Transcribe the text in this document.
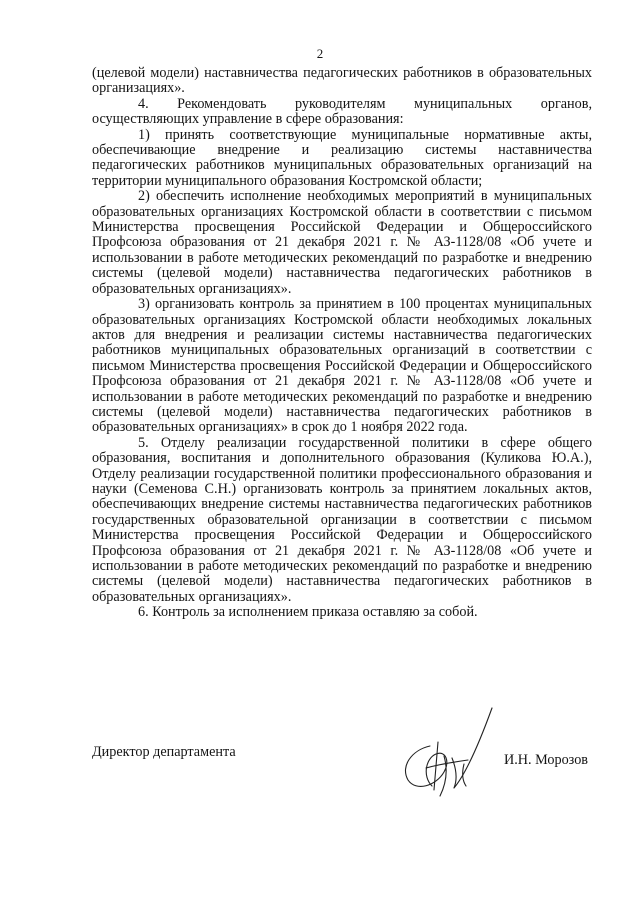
2

(целевой модели) наставничества педагогических работников в образовательных организациях».

4. Рекомендовать руководителям муниципальных органов, осуществляющих управление в сфере образования:

1) принять соответствующие муниципальные нормативные акты, обеспечивающие внедрение и реализацию системы наставничества педагогических работников муниципальных образовательных организаций на территории муниципального образования Костромской области;

2) обеспечить исполнение необходимых мероприятий в муниципальных образовательных организациях Костромской области в соответствии с письмом Министерства просвещения Российской Федерации и Общероссийского Профсоюза образования от 21 декабря 2021 г. № АЗ-1128/08 «Об учете и использовании в работе методических рекомендаций по разработке и внедрению системы (целевой модели) наставничества педагогических работников в образовательных организациях».

3) организовать контроль за принятием в 100 процентах муниципальных образовательных организациях Костромской области необходимых локальных актов для внедрения и реализации системы наставничества педагогических работников муниципальных образовательных организаций в соответствии с письмом Министерства просвещения Российской Федерации и Общероссийского Профсоюза образования от 21 декабря 2021 г. № АЗ-1128/08 «Об учете и использовании в работе методических рекомендаций по разработке и внедрению системы (целевой модели) наставничества педагогических работников в образовательных организациях» в срок до 1 ноября 2022 года.

5. Отделу реализации государственной политики в сфере общего образования, воспитания и дополнительного образования (Куликова Ю.А.), Отделу реализации государственной политики профессионального образования и науки (Семенова С.Н.) организовать контроль за принятием локальных актов, обеспечивающих внедрение системы наставничества педагогических работников государственных образовательной организации в соответствии с письмом Министерства просвещения Российской Федерации и Общероссийского Профсоюза образования от 21 декабря 2021 г. № АЗ-1128/08 «Об учете и использовании в работе методических рекомендаций по разработке и внедрению системы (целевой модели) наставничества педагогических работников в образовательных организациях».

6. Контроль за исполнением приказа оставляю за собой.

Директор департамента	И.Н. Морозов
